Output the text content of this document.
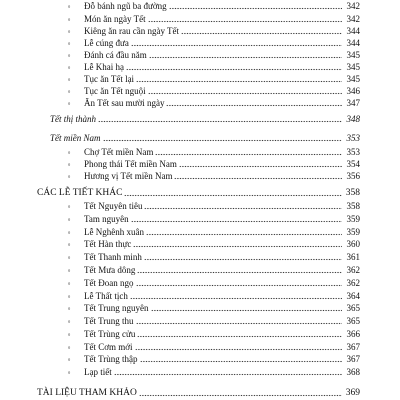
◦ Đỗ bánh ngũ ba đường	342
◦ Món ăn ngày Tết	342
◦ Kiêng ăn rau cần ngày Tết	344
◦ Lễ cúng đưa	344
◦ Đánh cá đầu năm	345
◦ Lễ Khai hạ	345
◦ Tục ăn Tết lại	345
◦ Tục ăn Tết nguội	346
◦ Ăn Tết sau mười ngày	347
Tết thị thành	348
Tết miền Nam	353
◦ Chợ Tết miền Nam	353
◦ Phong thái Tết miền Nam	354
◦ Hương vị Tết miền Nam	356
CÁC LỄ TIẾT KHÁC	358
◦ Tết Nguyên tiêu	358
◦ Tam nguyên	359
◦ Lễ Nghênh xuân	359
◦ Tết Hàn thực	360
◦ Tết Thanh minh	361
◦ Tết Mưa dông	362
◦ Tết Đoan ngọ	362
◦ Lễ Thất tịch	364
◦ Tết Trung nguyên	365
◦ Tết Trung thu	365
◦ Tết Trùng cửu	366
◦ Tết Cơm mới	367
◦ Tết Trùng thập	367
◦ Lạp tiết	368
TÀI LIỆU THAM KHẢO	369
